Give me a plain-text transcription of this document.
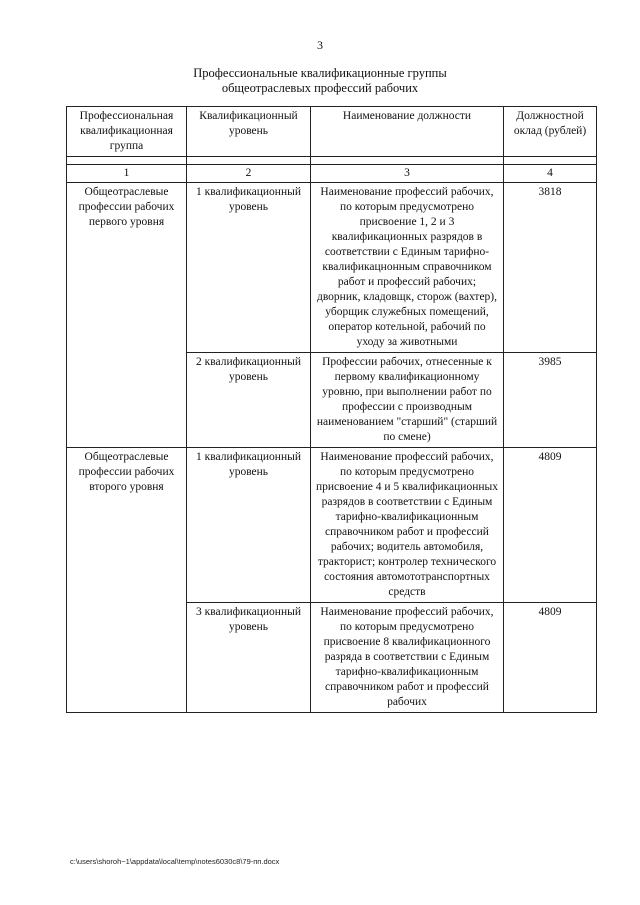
3
Профессиональные квалификационные группы
общеотраслевых профессий рабочих
Профессиональная квалификационная группа	Квалификационный уровень	Наименование должности	Должностной оклад (рублей)

1	2	3	4
Общеотраслевые профессии рабочих первого уровня	1 квалификационный уровень	Наименование профессий рабочих, по которым предусмотрено присвоение 1, 2 и 3 квалификационных разрядов в соответствии с Единым тарифно-квалификацнонным справочником работ и профессий рабочих; дворник, кладовщк, сторож (вахтер), уборщик служебных помещений, оператор котельной, рабочий по уходу за животными	3818
	2 квалификационный уровень	Профессии рабочих, отнесенные к первому квалификационному уровню, при выполнении работ по профессии с производным наименованием "старший" (старший по смене)	3985
Общеотраслевые профессии рабочих второго уровня	1 квалификационный уровень	Наименование профессий рабочих, по которым предусмотрено присвоение 4 и 5 квалификационных разрядов в соответствии с Единым тарифно-квалификационным справочником работ и профессий рабочих; водитель автомобиля, тракторист; контролер технического состояния автомототранспортных средств	4809
	3 квалификационный уровень	Наименование профессий рабочих, по которым предусмотрено присвоение 8 квалификационного разряда в соответствии с Единым тарифно-квалификационным справочником работ и профессий рабочих	4809
c:\users\shoroh~1\appdata\local\temp\notes6030c8\79-пп.docx
